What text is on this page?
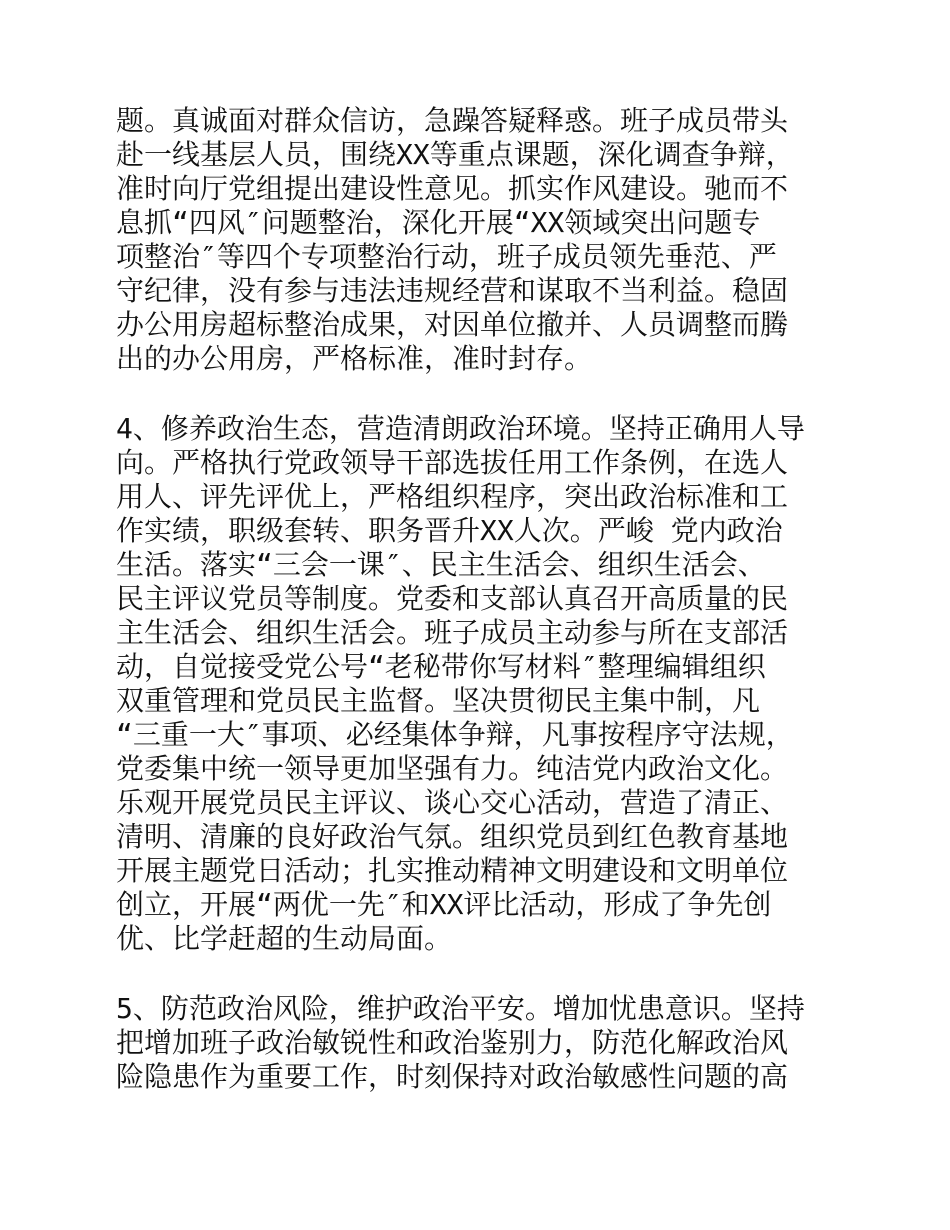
题。真诚面对群众信访，急躁答疑释惑。班子成员带头
赴一线基层人员，围绕XX等重点课题，深化调查争辩，
准时向厅党组提出建设性意见。抓实作风建设。驰而不
息抓“四风″问题整治，深化开展“XX领域突出问题专
项整治″等四个专项整治行动，班子成员领先垂范、严
守纪律，没有参与违法违规经营和谋取不当利益。稳固
办公用房超标整治成果，对因单位撤并、人员调整而腾
出的办公用房，严格标准，准时封存。
4、修养政治生态，营造清朗政治环境。坚持正确用人导
向。严格执行党政领导干部选拔任用工作条例，在选人
用人、评先评优上，严格组织程序，突出政治标准和工
作实绩，职级套转、职务晋升XX人次。严峻 党内政治
生活。落实“三会一课″、民主生活会、组织生活会、
民主评议党员等制度。党委和支部认真召开高质量的民
主生活会、组织生活会。班子成员主动参与所在支部活
动，自觉接受党公号“老秘带你写材料″整理编辑组织
双重管理和党员民主监督。坚决贯彻民主集中制，凡
“三重一大″事项、必经集体争辩，凡事按程序守法规，
党委集中统一领导更加坚强有力。纯洁党内政治文化。
乐观开展党员民主评议、谈心交心活动，营造了清正、
清明、清廉的良好政治气氛。组织党员到红色教育基地
开展主题党日活动；扎实推动精神文明建设和文明单位
创立，开展“两优一先″和XX评比活动，形成了争先创
优、比学赶超的生动局面。
5、防范政治风险，维护政治平安。增加忧患意识。坚持
把增加班子政治敏锐性和政治鉴别力，防范化解政治风
险隐患作为重要工作，时刻保持对政治敏感性问题的高
